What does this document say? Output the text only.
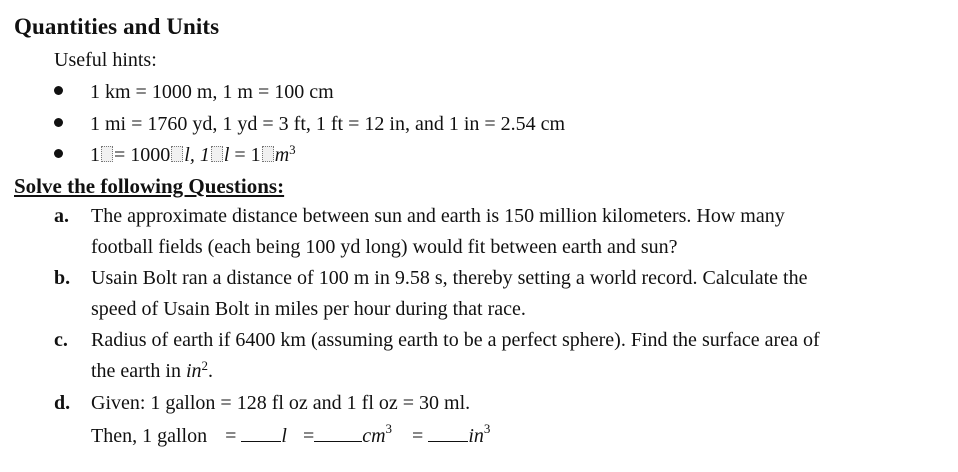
Quantities and Units
Useful hints:
1 km = 1000 m, 1 m = 100 cm
1 mi = 1760 yd, 1 yd = 3 ft, 1 ft = 12 in, and 1 in = 2.54 cm
1 = 1000 l, 1 l = 1 $m^3$
Solve the following Questions:
a. The approximate distance between sun and earth is 150 million kilometers. How many
football fields (each being 100 yd long) would fit between earth and sun?
b. Usain Bolt ran a distance of 100 m in 9.58 s, thereby setting a world record. Calculate the
speed of Usain Bolt in miles per hour during that race.
c. Radius of earth if 6400 km (assuming earth to be a perfect sphere). Find the surface area of
the earth in $in^2$.
d. Given: 1 gallon = 128 fl oz and 1 fl oz = 30 ml.
Then, 1 gallon = $l = cm^3 = in^3$
